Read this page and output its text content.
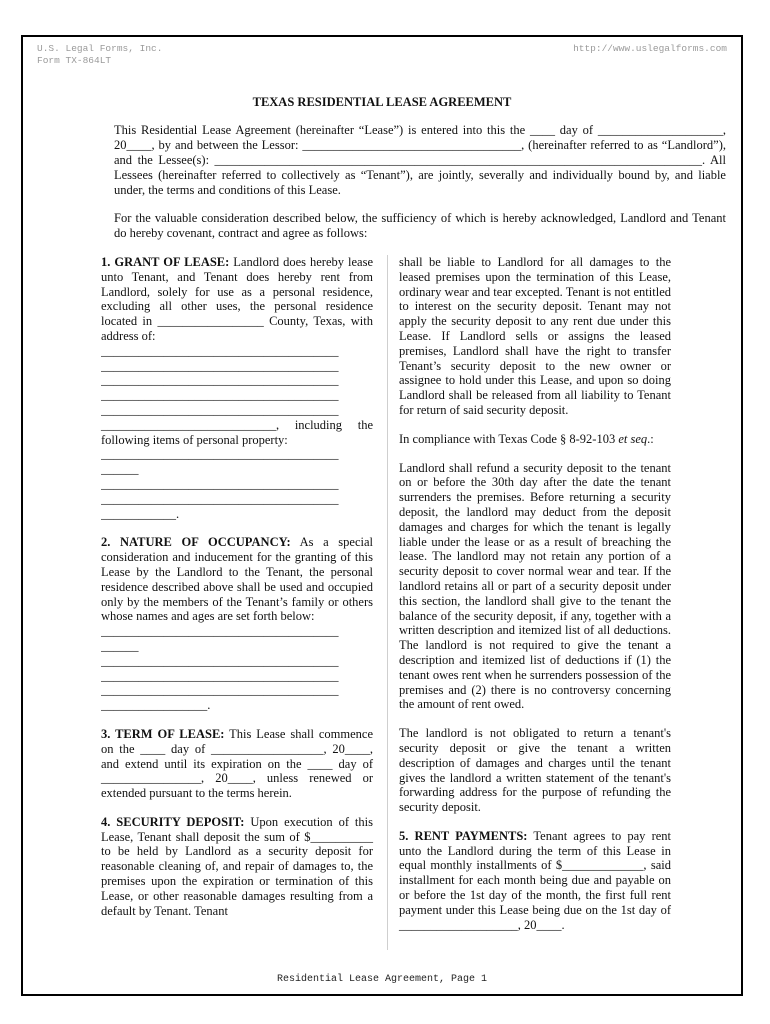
U.S. Legal Forms, Inc.
Form TX-864LT
http://www.uslegalforms.com
TEXAS RESIDENTIAL LEASE AGREEMENT

This Residential Lease Agreement (hereinafter “Lease”) is entered into this the ____ day of ____________________, 20____, by and between the Lessor: ___________________________________, (hereinafter referred to as “Landlord”), and the Lessee(s): ______________________________________________________________________________. All Lessees (hereinafter referred to collectively as “Tenant”), are jointly, severally and individually bound by, and liable under, the terms and conditions of this Lease.

For the valuable consideration described below, the sufficiency of which is hereby acknowledged, Landlord and Tenant do hereby covenant, contract and agree as follows:

1. GRANT OF LEASE: Landlord does hereby lease unto Tenant, and Tenant does hereby rent from Landlord, solely for use as a personal residence, excluding all other uses, the personal residence located in _________________ County, Texas, with address of:

______________________________________
______________________________________
______________________________________
______________________________________
______________________________________

____________________________, including the following items of personal property:

______________________________________
______
______________________________________
______________________________________
____________.

2. NATURE OF OCCUPANCY: As a special consideration and inducement for the granting of this Lease by the Landlord to the Tenant, the personal residence described above shall be used and occupied only by the members of the Tenant’s family or others whose names and ages are set forth below:

______________________________________
______
______________________________________
______________________________________
______________________________________
_________________.

3. TERM OF LEASE: This Lease shall commence on the ____ day of __________________, 20____, and extend until its expiration on the ____ day of ________________, 20____, unless renewed or extended pursuant to the terms herein.

4. SECURITY DEPOSIT: Upon execution of this Lease, Tenant shall deposit the sum of $__________ to be held by Landlord as a security deposit for reasonable cleaning of, and repair of damages to, the premises upon the expiration or termination of this Lease, or other reasonable damages resulting from a default by Tenant. Tenant

shall be liable to Landlord for all damages to the leased premises upon the termination of this Lease, ordinary wear and tear excepted. Tenant is not entitled to interest on the security deposit. Tenant may not apply the security deposit to any rent due under this Lease. If Landlord sells or assigns the leased premises, Landlord shall have the right to transfer Tenant’s security deposit to the new owner or assignee to hold under this Lease, and upon so doing Landlord shall be released from all liability to Tenant for return of said security deposit.

In compliance with Texas Code § 8-92-103 et seq.:

Landlord shall refund a security deposit to the tenant on or before the 30th day after the date the tenant surrenders the premises. Before returning a security deposit, the landlord may deduct from the deposit damages and charges for which the tenant is legally liable under the lease or as a result of breaching the lease. The landlord may not retain any portion of a security deposit to cover normal wear and tear. If the landlord retains all or part of a security deposit under this section, the landlord shall give to the tenant the balance of the security deposit, if any, together with a written description and itemized list of all deductions. The landlord is not required to give the tenant a description and itemized list of deductions if (1) the tenant owes rent when he surrenders possession of the premises and (2) there is no controversy concerning the amount of rent owed.

The landlord is not obligated to return a tenant's security deposit or give the tenant a written description of damages and charges until the tenant gives the landlord a written statement of the tenant's forwarding address for the purpose of refunding the security deposit.

5. RENT PAYMENTS: Tenant agrees to pay rent unto the Landlord during the term of this Lease in equal monthly installments of $_____________, said installment for each month being due and payable on or before the 1st day of the month, the first full rent payment under this Lease being due on the 1st day of ___________________, 20____.

Residential Lease Agreement, Page 1
